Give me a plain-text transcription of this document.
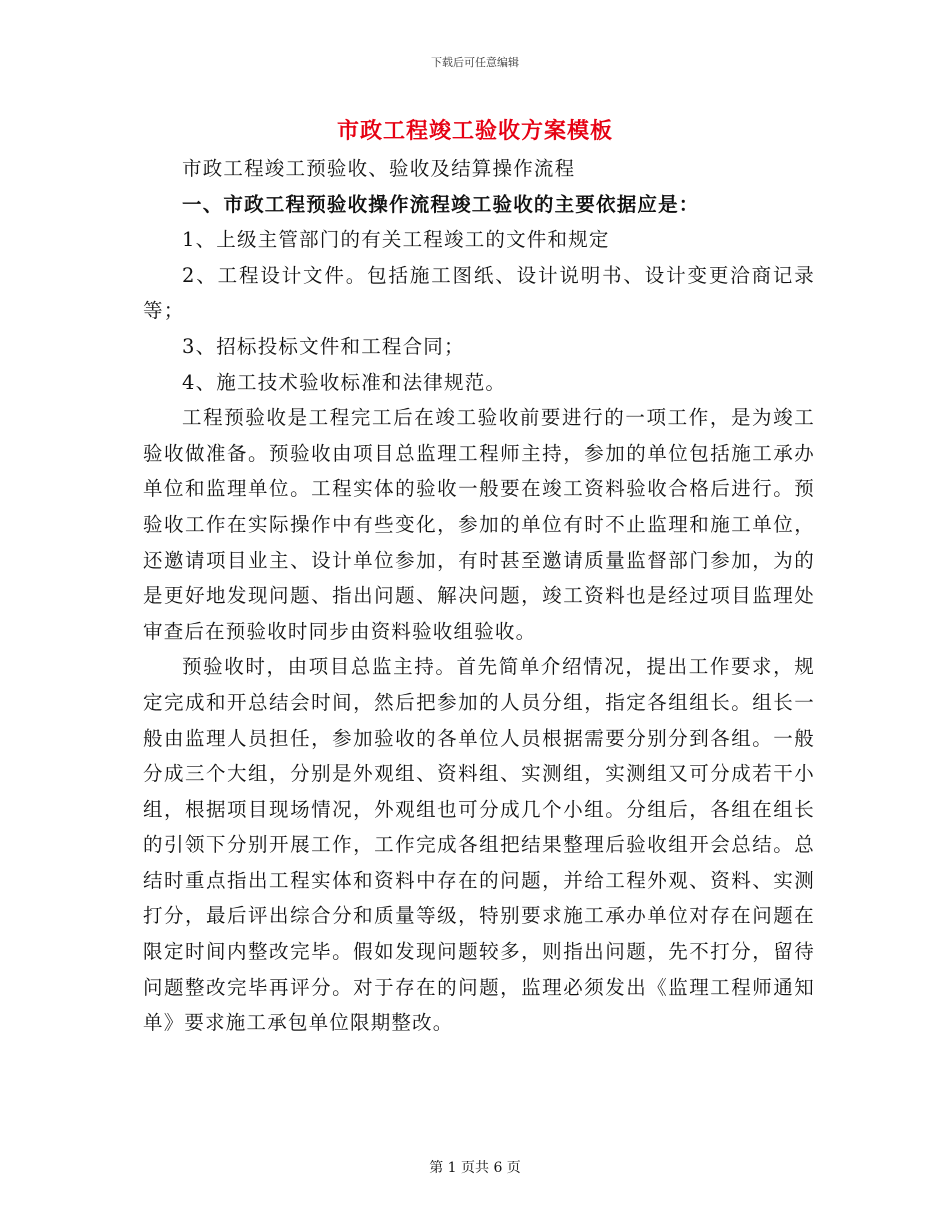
下载后可任意编辑
市政工程竣工验收方案模板

市政工程竣工预验收、验收及结算操作流程

一、市政工程预验收操作流程竣工验收的主要依据应是：

1、上级主管部门的有关工程竣工的文件和规定

2、工程设计文件。包括施工图纸、设计说明书、设计变更洽商记录等；

3、招标投标文件和工程合同；

4、施工技术验收标准和法律规范。

工程预验收是工程完工后在竣工验收前要进行的一项工作，是为竣工验收做准备。预验收由项目总监理工程师主持，参加的单位包括施工承办单位和监理单位。工程实体的验收一般要在竣工资料验收合格后进行。预验收工作在实际操作中有些变化，参加的单位有时不止监理和施工单位，还邀请项目业主、设计单位参加，有时甚至邀请质量监督部门参加，为的是更好地发现问题、指出问题、解决问题，竣工资料也是经过项目监理处审查后在预验收时同步由资料验收组验收。

预验收时，由项目总监主持。首先简单介绍情况，提出工作要求，规定完成和开总结会时间，然后把参加的人员分组，指定各组组长。组长一般由监理人员担任，参加验收的各单位人员根据需要分别分到各组。一般分成三个大组，分别是外观组、资料组、实测组，实测组又可分成若干小组，根据项目现场情况，外观组也可分成几个小组。分组后，各组在组长的引领下分别开展工作，工作完成各组把结果整理后验收组开会总结。总结时重点指出工程实体和资料中存在的问题，并给工程外观、资料、实测打分，最后评出综合分和质量等级，特别要求施工承办单位对存在问题在限定时间内整改完毕。假如发现问题较多，则指出问题，先不打分，留待问题整改完毕再评分。对于存在的问题，监理必须发出《监理工程师通知单》要求施工承包单位限期整改。

第 1 页共 6 页
